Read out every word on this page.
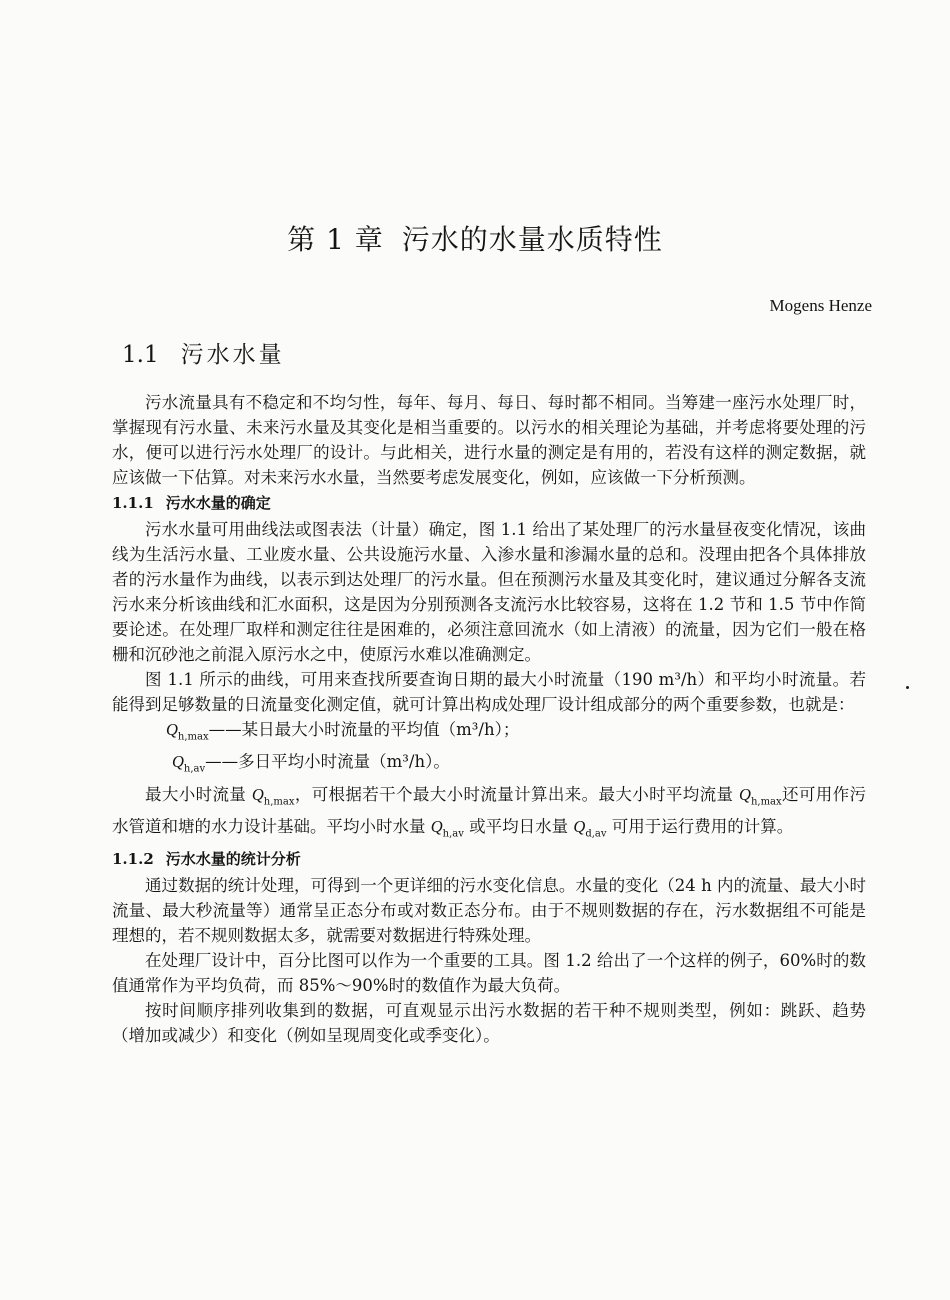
第 1 章 污水的水量水质特性
Mogens Henze
1.1 污水水量

污水流量具有不稳定和不均匀性，每年、每月、每日、每时都不相同。当筹建一座污水处理厂时，掌握现有污水量、未来污水量及其变化是相当重要的。以污水的相关理论为基础，并考虑将要处理的污水，便可以进行污水处理厂的设计。与此相关，进行水量的测定是有用的，若没有这样的测定数据，就应该做一下估算。对未来污水水量，当然要考虑发展变化，例如，应该做一下分析预测。

1.1.1 污水水量的确定

污水水量可用曲线法或图表法（计量）确定，图 1.1 给出了某处理厂的污水量昼夜变化情况，该曲线为生活污水量、工业废水量、公共设施污水量、入渗水量和渗漏水量的总和。没理由把各个具体排放者的污水量作为曲线，以表示到达处理厂的污水量。但在预测污水量及其变化时，建议通过分解各支流污水来分析该曲线和汇水面积，这是因为分别预测各支流污水比较容易，这将在 1.2 节和 1.5 节中作简要论述。在处理厂取样和测定往往是困难的，必须注意回流水（如上清液）的流量，因为它们一般在格栅和沉砂池之前混入原污水之中，使原污水难以准确测定。

图 1.1 所示的曲线，可用来查找所要查询日期的最大小时流量（190 m³/h）和平均小时流量。若能得到足够数量的日流量变化测定值，就可计算出构成处理厂设计组成部分的两个重要参数，也就是：

$Q_{h,max}——$某日最大小时流量的平均值（m³/h）；

$Q_{h,av}——$多日平均小时流量（m³/h）。

最大小时流量 $Q_{h,max}$，可根据若干个最大小时流量计算出来。最大小时平均流量 $Q_{h,max}$还可用作污水管道和塘的水力设计基础。平均小时水量 $Q_{h,av}$ 或平均日水量 $Q_{d,av}$ 可用于运行费用的计算。

1.1.2 污水水量的统计分析

通过数据的统计处理，可得到一个更详细的污水变化信息。水量的变化（24 h 内的流量、最大小时流量、最大秒流量等）通常呈正态分布或对数正态分布。由于不规则数据的存在，污水数据组不可能是理想的，若不规则数据太多，就需要对数据进行特殊处理。

在处理厂设计中，百分比图可以作为一个重要的工具。图 1.2 给出了一个这样的例子，60%时的数值通常作为平均负荷，而 85%～90%时的数值作为最大负荷。

按时间顺序排列收集到的数据，可直观显示出污水数据的若干种不规则类型，例如：跳跃、趋势（增加或减少）和变化（例如呈现周变化或季变化）。
